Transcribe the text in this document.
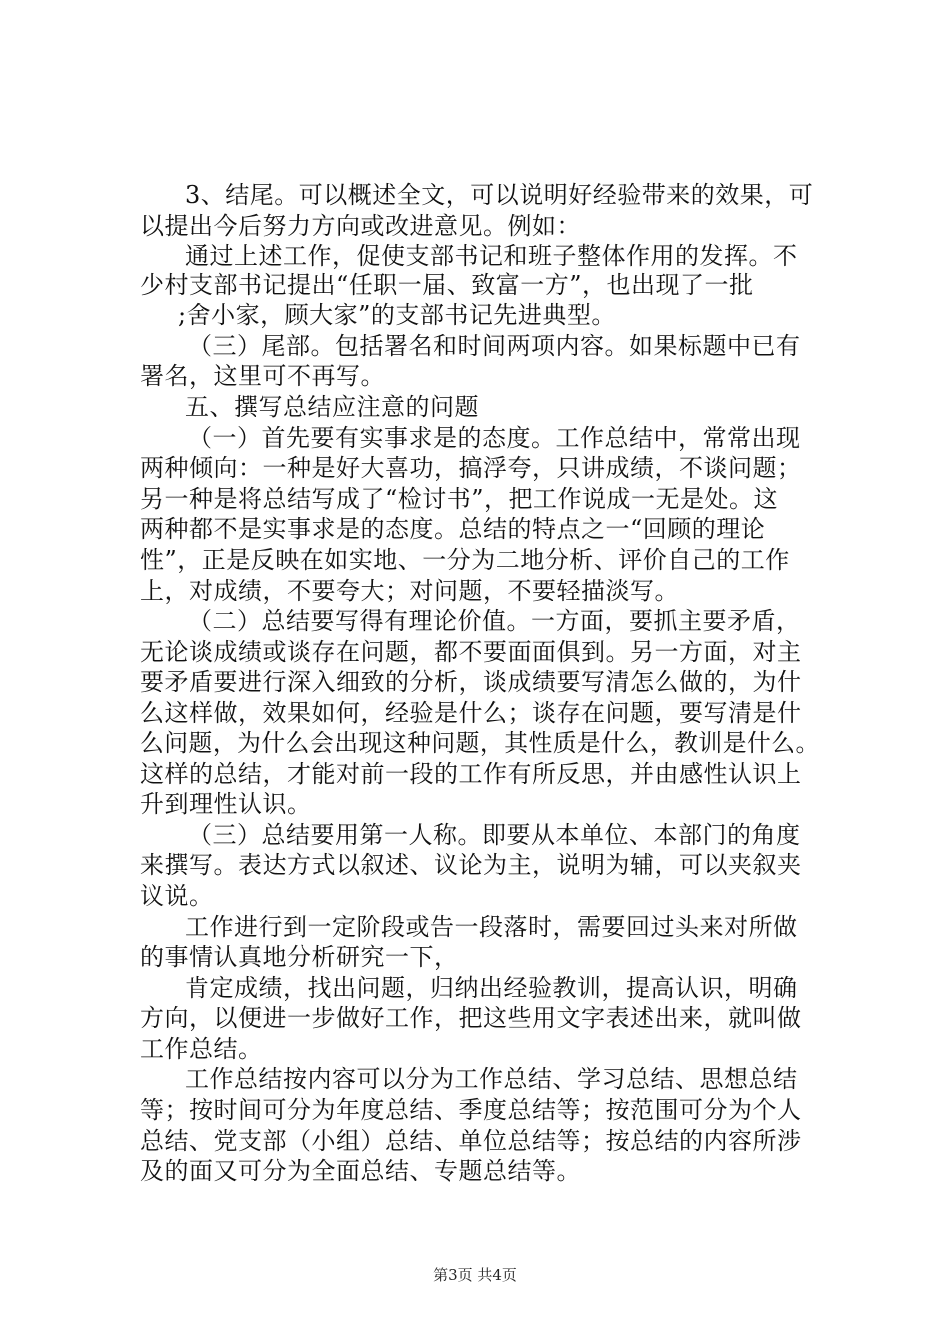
3、结尾。可以概述全文，可以说明好经验带来的效果，可
以提出今后努力方向或改进意见。例如：
通过上述工作，促使支部书记和班子整体作用的发挥。不
少村支部书记提出“任职一届、致富一方”，也出现了一批
;舍小家，顾大家”的支部书记先进典型。
（三）尾部。包括署名和时间两项内容。如果标题中已有
署名，这里可不再写。
五、撰写总结应注意的问题
（一）首先要有实事求是的态度。工作总结中，常常出现
两种倾向：一种是好大喜功，搞浮夸，只讲成绩，不谈问题；
另一种是将总结写成了“检讨书”，把工作说成一无是处。这
两种都不是实事求是的态度。总结的特点之一“回顾的理论
性”，正是反映在如实地、一分为二地分析、评价自己的工作
上，对成绩，不要夸大；对问题，不要轻描淡写。
（二）总结要写得有理论价值。一方面，要抓主要矛盾，
无论谈成绩或谈存在问题，都不要面面俱到。另一方面，对主
要矛盾要进行深入细致的分析，谈成绩要写清怎么做的，为什
么这样做，效果如何，经验是什么；谈存在问题，要写清是什
么问题，为什么会出现这种问题，其性质是什么，教训是什么。
这样的总结，才能对前一段的工作有所反思，并由感性认识上
升到理性认识。
（三）总结要用第一人称。即要从本单位、本部门的角度
来撰写。表达方式以叙述、议论为主，说明为辅，可以夹叙夹
议说。
工作进行到一定阶段或告一段落时，需要回过头来对所做
的事情认真地分析研究一下，
肯定成绩，找出问题，归纳出经验教训，提高认识，明确
方向，以便进一步做好工作，把这些用文字表述出来，就叫做
工作总结。
工作总结按内容可以分为工作总结、学习总结、思想总结
等；按时间可分为年度总结、季度总结等；按范围可分为个人
总结、党支部（小组）总结、单位总结等；按总结的内容所涉
及的面又可分为全面总结、专题总结等。
第3页 共4页
